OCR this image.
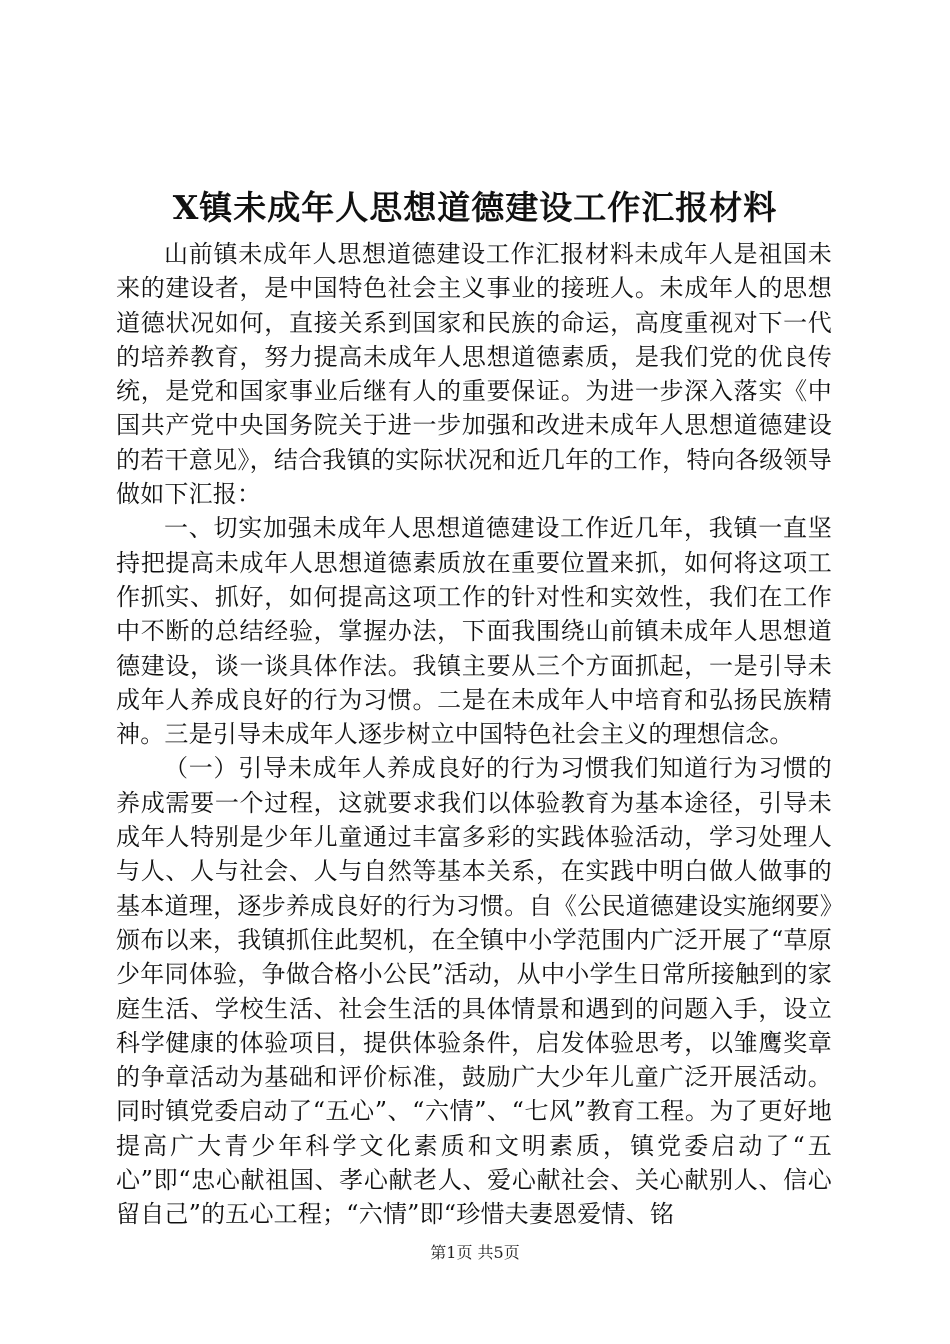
X镇未成年人思想道德建设工作汇报材料

山前镇未成年人思想道德建设工作汇报材料未成年人是祖国未来的建设者，是中国特色社会主义事业的接班人。未成年人的思想道德状况如何，直接关系到国家和民族的命运，高度重视对下一代的培养教育，努力提高未成年人思想道德素质，是我们党的优良传统，是党和国家事业后继有人的重要保证。为进一步深入落实《中国共产党中央国务院关于进一步加强和改进未成年人思想道德建设的若干意见》，结合我镇的实际状况和近几年的工作，特向各级领导做如下汇报：

一、切实加强未成年人思想道德建设工作近几年，我镇一直坚持把提高未成年人思想道德素质放在重要位置来抓，如何将这项工作抓实、抓好，如何提高这项工作的针对性和实效性，我们在工作中不断的总结经验，掌握办法，下面我围绕山前镇未成年人思想道德建设，谈一谈具体作法。我镇主要从三个方面抓起，一是引导未成年人养成良好的行为习惯。二是在未成年人中培育和弘扬民族精神。三是引导未成年人逐步树立中国特色社会主义的理想信念。

（一）引导未成年人养成良好的行为习惯我们知道行为习惯的养成需要一个过程，这就要求我们以体验教育为基本途径，引导未成年人特别是少年儿童通过丰富多彩的实践体验活动，学习处理人与人、人与社会、人与自然等基本关系，在实践中明白做人做事的基本道理，逐步养成良好的行为习惯。自《公民道德建设实施纲要》颁布以来，我镇抓住此契机，在全镇中小学范围内广泛开展了“草原少年同体验，争做合格小公民”活动，从中小学生日常所接触到的家庭生活、学校生活、社会生活的具体情景和遇到的问题入手，设立科学健康的体验项目，提供体验条件，启发体验思考，以雏鹰奖章的争章活动为基础和评价标准，鼓励广大少年儿童广泛开展活动。同时镇党委启动了“五心”、“六情”、“七风”教育工程。为了更好地提高广大青少年科学文化素质和文明素质，镇党委启动了“五心”即“忠心献祖国、孝心献老人、爱心献社会、关心献别人、信心留自己”的五心工程；“六情”即“珍惜夫妻恩爱情、铭

第1页 共5页
